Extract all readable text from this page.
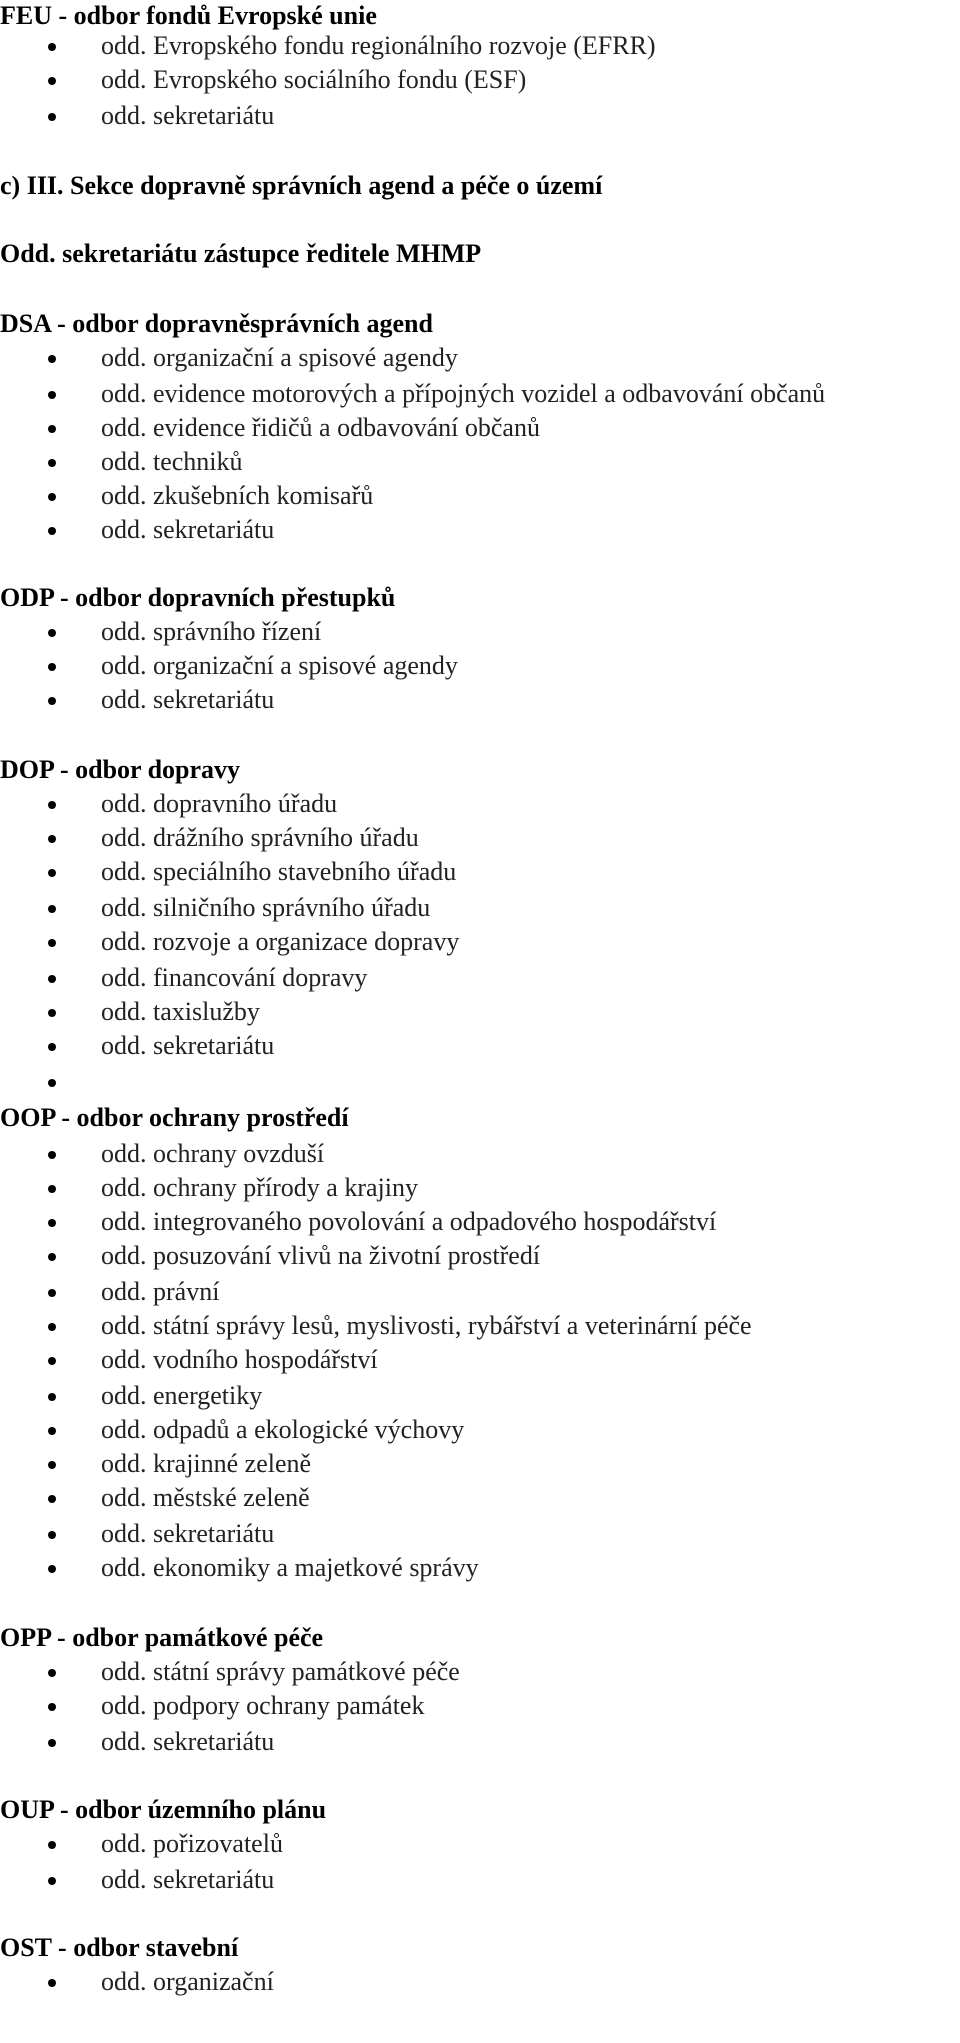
FEU - odbor fondů Evropské unie
odd. Evropského fondu regionálního rozvoje (EFRR)
odd. Evropského sociálního fondu (ESF)
odd. sekretariátu
c) III. Sekce dopravně správních agend a péče o území
Odd. sekretariátu zástupce ředitele MHMP
DSA - odbor dopravněsprávních agend
odd. organizační a spisové agendy
odd. evidence motorových a přípojných vozidel a odbavování občanů
odd. evidence řidičů a odbavování občanů
odd. techniků
odd. zkušebních komisařů
odd. sekretariátu
ODP - odbor dopravních přestupků
odd. správního řízení
odd. organizační a spisové agendy
odd. sekretariátu
DOP - odbor dopravy
odd. dopravního úřadu
odd. drážního správního úřadu
odd. speciálního stavebního úřadu
odd. silničního správního úřadu
odd. rozvoje a organizace dopravy
odd. financování dopravy
odd. taxislužby
odd. sekretariátu
OOP - odbor ochrany prostředí
odd. ochrany ovzduší
odd. ochrany přírody a krajiny
odd. integrovaného povolování a odpadového hospodářství
odd. posuzování vlivů na životní prostředí
odd. právní
odd. státní správy lesů, myslivosti, rybářství a veterinární péče
odd. vodního hospodářství
odd. energetiky
odd. odpadů a ekologické výchovy
odd. krajinné zeleně
odd. městské zeleně
odd. sekretariátu
odd. ekonomiky a majetkové správy
OPP - odbor památkové péče
odd. státní správy památkové péče
odd. podpory ochrany památek
odd. sekretariátu
OUP - odbor územního plánu
odd. pořizovatelů
odd. sekretariátu
OST - odbor stavební
odd. organizační
